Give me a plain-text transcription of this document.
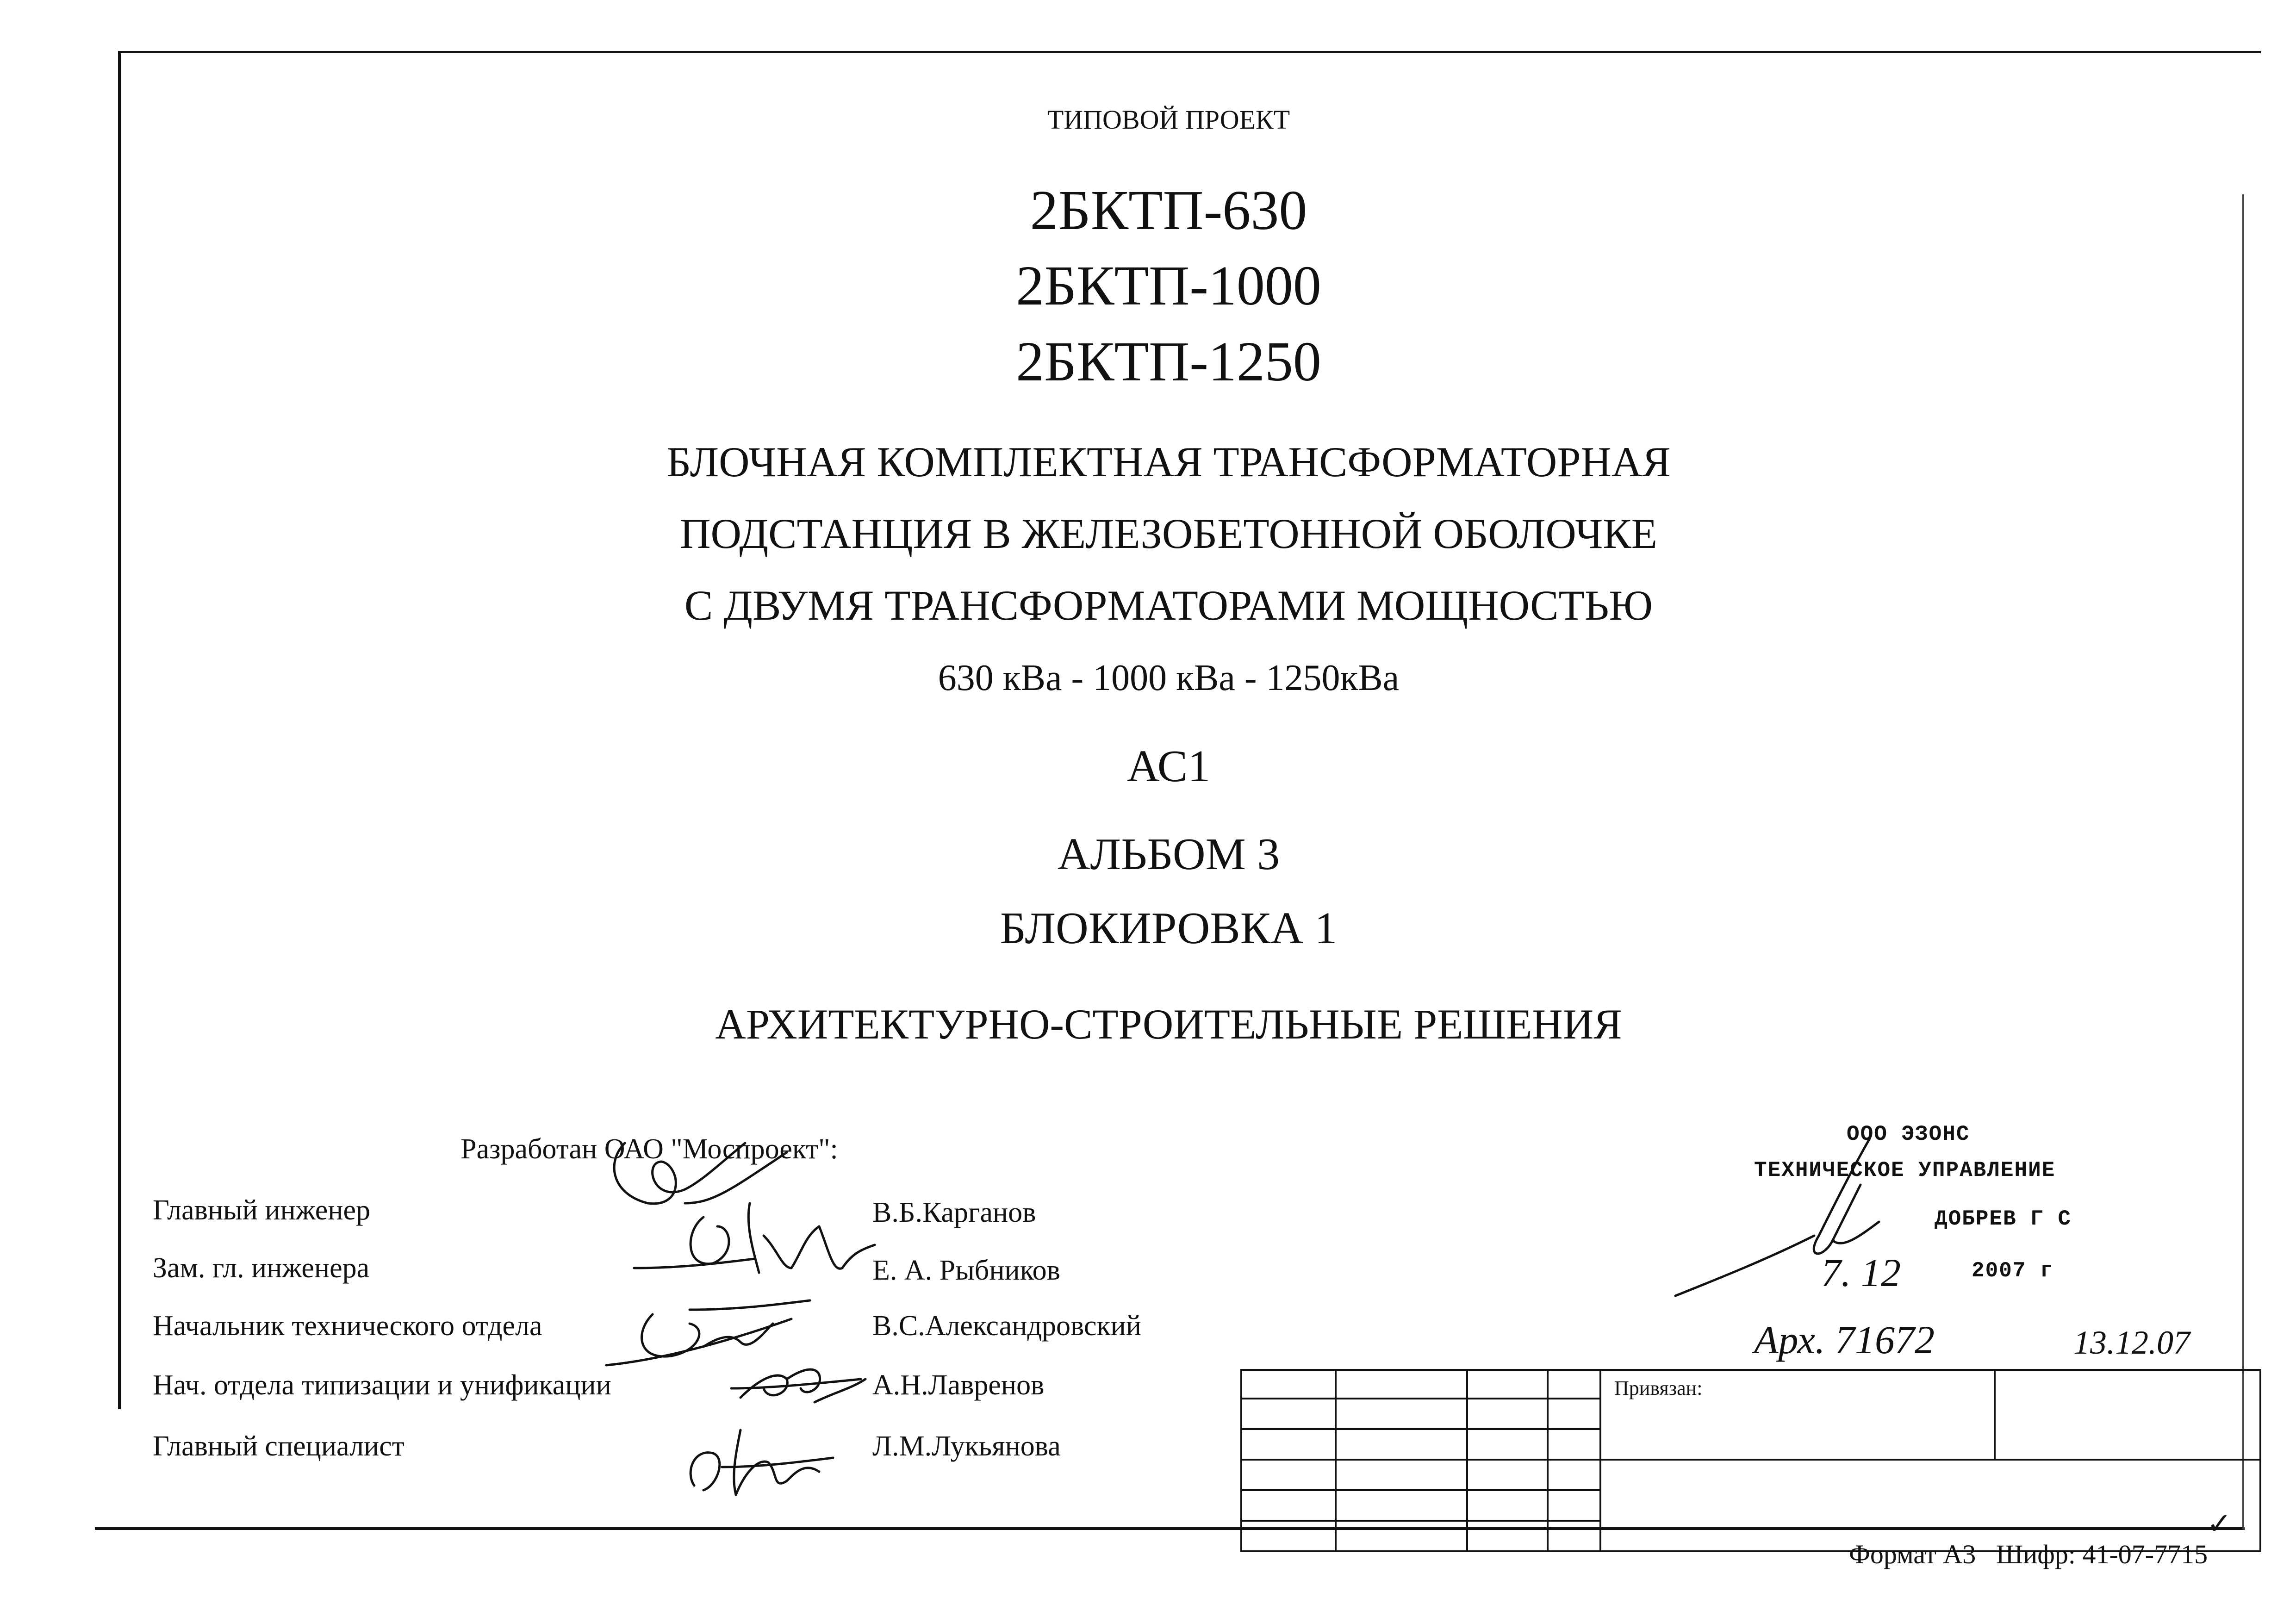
ТИПОВОЙ ПРОЕКТ
2БКТП-630
2БКТП-1000
2БКТП-1250
БЛОЧНАЯ КОМПЛЕКТНАЯ ТРАНСФОРМАТОРНАЯ
ПОДСТАНЦИЯ В ЖЕЛЕЗОБЕТОННОЙ ОБОЛОЧКЕ
С ДВУМЯ ТРАНСФОРМАТОРАМИ МОЩНОСТЬЮ
630 кВа - 1000 кВа - 1250кВа
АС1
АЛЬБОМ 3
БЛОКИРОВКА 1
АРХИТЕКТУРНО-СТРОИТЕЛЬНЫЕ РЕШЕНИЯ
Разработан ОАО "Моспроект":
Главный инженер	В.Б.Карганов
Зам. гл. инженера	Е. А. Рыбников
Начальник технического отдела	В.С.Александровский
Нач. отдела типизации и унификации	А.Н.Лавренов
Главный специалист	Л.М.Лукьянова
ООО ЭЗОНС
ТЕХНИЧЕСКОЕ УПРАВЛЕНИЕ
ДОБРЕВ Г С
7. 12	2007 г
Арх. 71672	13.12.07
				Привязан:	

				✓	

Формат А3 Шифр: 41-07-7715
